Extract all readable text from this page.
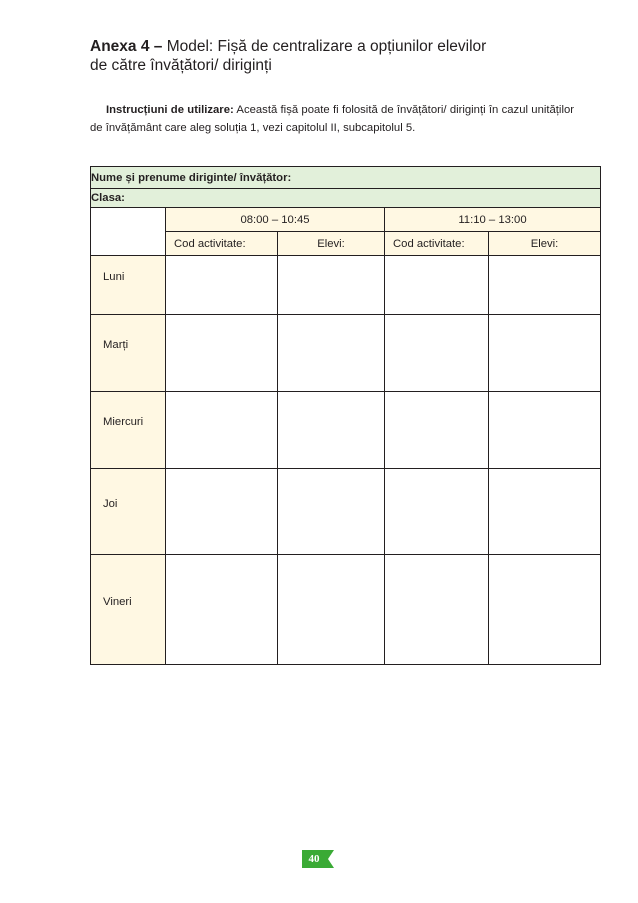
Anexa 4 – Model: Fișă de centralizare a opțiunilor elevilor
de către învățători/ diriginți
Instrucțiuni de utilizare: Această fișă poate fi folosită de învățători/ diriginți în cazul unităților de învățământ care aleg soluția 1, vezi capitolul II, subcapitolul 5.
Nume și prenume diriginte/ învățător:				
Clasa:				
	08:00 – 10:45		11:10 – 13:00	
	Cod activitate:	Elevi:	Cod activitate:	Elevi:
Luni				
Marți				
Miercuri				
Joi				
Vineri				
40
